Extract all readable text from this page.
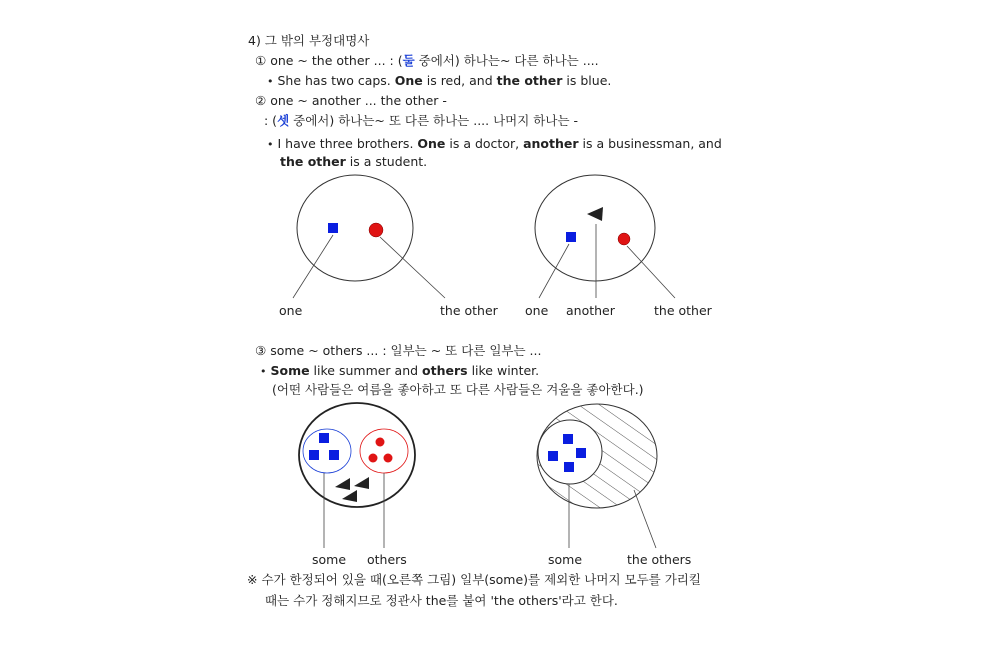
4) 그 밖의 부정대명사
① one ~ the other ... : (둘 중에서) 하나는~ 다른 하나는 ....
• She has two caps. One is red, and the other is blue.
② one ~ another ... the other -
: (셋 중에서) 하나는~ 또 다른 하나는 .... 나머지 하나는 -
• I have three brothers. One is a doctor, another is a businessman, and
the other is a student.
③ some ~ others ... : 일부는 ~ 또 다른 일부는 ...
• Some like summer and others like winter.
(어떤 사람들은 여름을 좋아하고 또 다른 사람들은 겨울을 좋아한다.)
※ 수가 한정되어 있을 때(오른쪽 그림) 일부(some)를 제외한 나머지 모두를 가리킬
때는 수가 정해지므로 정관사 the를 붙여 'the others'라고 한다.
one	the other one another	the other
some others	some	the others
